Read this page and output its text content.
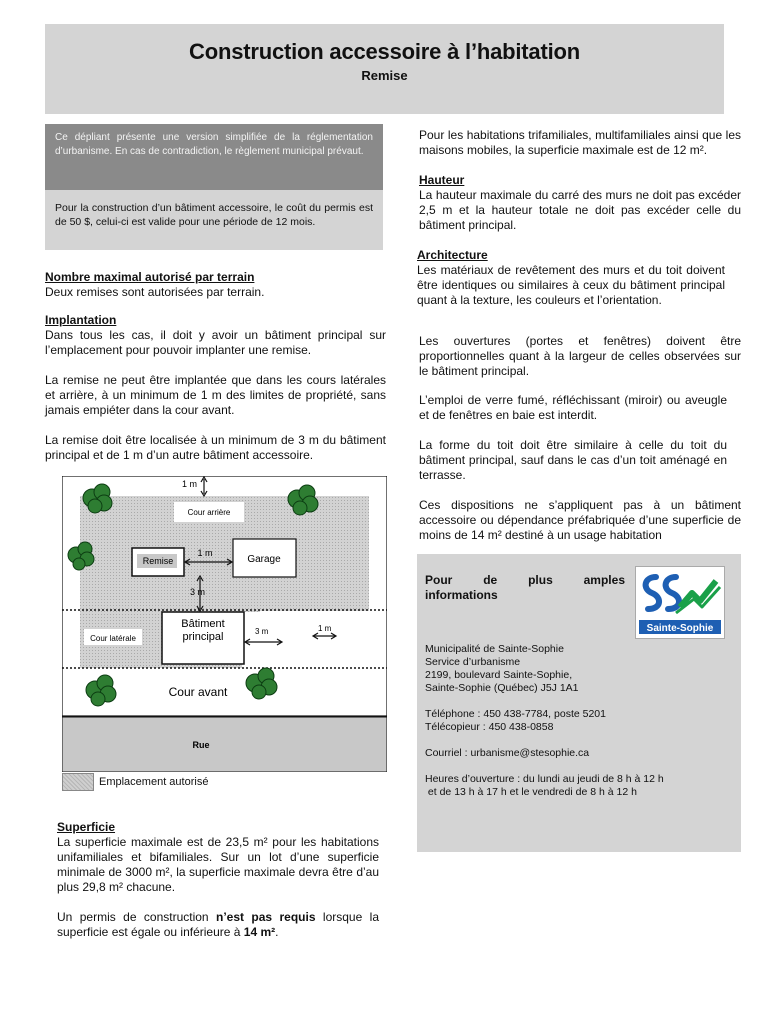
Construction accessoire à l’habitation
Remise
Ce dépliant présente une version simplifiée de la réglementation d’urbanisme. En cas de contradiction, le règlement municipal prévaut.
Pour la construction d’un bâtiment accessoire, le coût du permis est de 50 $, celui-ci est valide pour une période de 12 mois.
Nombre maximal autorisé par terrain
Deux remises sont autorisées par terrain.
Implantation

Dans tous les cas, il doit y avoir un bâtiment principal sur l’emplacement pour pouvoir implanter une remise.

La remise ne peut être implantée que dans les cours latérales et arrière, à un minimum de 1 m des limites de propriété, sans jamais empiéter dans la cour avant.

La remise doit être localisée à un minimum de 3 m du bâtiment principal et de 1 m d’un autre bâtiment accessoire.

1 m
Cour arrière
Remise
1 m
Garage
3 m
Bâtiment
principal
Cour latérale
3 m	1 m
Cour avant
Rue
Emplacement autorisé
Superficie

La superficie maximale est de 23,5 m² pour les habitations unifamiliales et bifamiliales. Sur un lot d’une superficie minimale de 3000 m², la superficie maximale devra être d’au plus 29,8 m² chacune.

Un permis de construction n’est pas requis lorsque la superficie est égale ou inférieure à 14 m².

Pour les habitations trifamiliales, multifamiliales ainsi que les maisons mobiles, la superficie maximale est de 12 m².
Hauteur
La hauteur maximale du carré des murs ne doit pas excéder 2,5 m et la hauteur totale ne doit pas excéder celle du bâtiment principal.
Architecture

Les matériaux de revêtement des murs et du toit doivent être identiques ou similaires à ceux du bâtiment principal quant à la texture, les couleurs et l’orientation.

Les ouvertures (portes et fenêtres) doivent être proportionnelles quant à la largeur de celles observées sur le bâtiment principal.
L’emploi de verre fumé, réfléchissant (miroir) ou aveugle et de fenêtres en baie est interdit.
La forme du toit doit être similaire à celle du toit du bâtiment principal, sauf dans le cas d’un toit aménagé en terrasse.
Ces dispositions ne s’appliquent pas à un bâtiment accessoire ou dépendance préfabriquée d’une superficie de moins de 14 m² destiné à un usage habitation
Pour de plus amples
informations
Sainte-Sophie
Municipalité de Sainte-Sophie
Service d’urbanisme
2199, boulevard Sainte-Sophie,
Sainte-Sophie (Québec) J5J 1A1
Téléphone : 450 438-7784, poste 5201
Télécopieur : 450 438-0858
Courriel : urbanisme@stesophie.ca
Heures d’ouverture : du lundi au jeudi de 8 h à 12 h
et de 13 h à 17 h et le vendredi de 8 h à 12 h
